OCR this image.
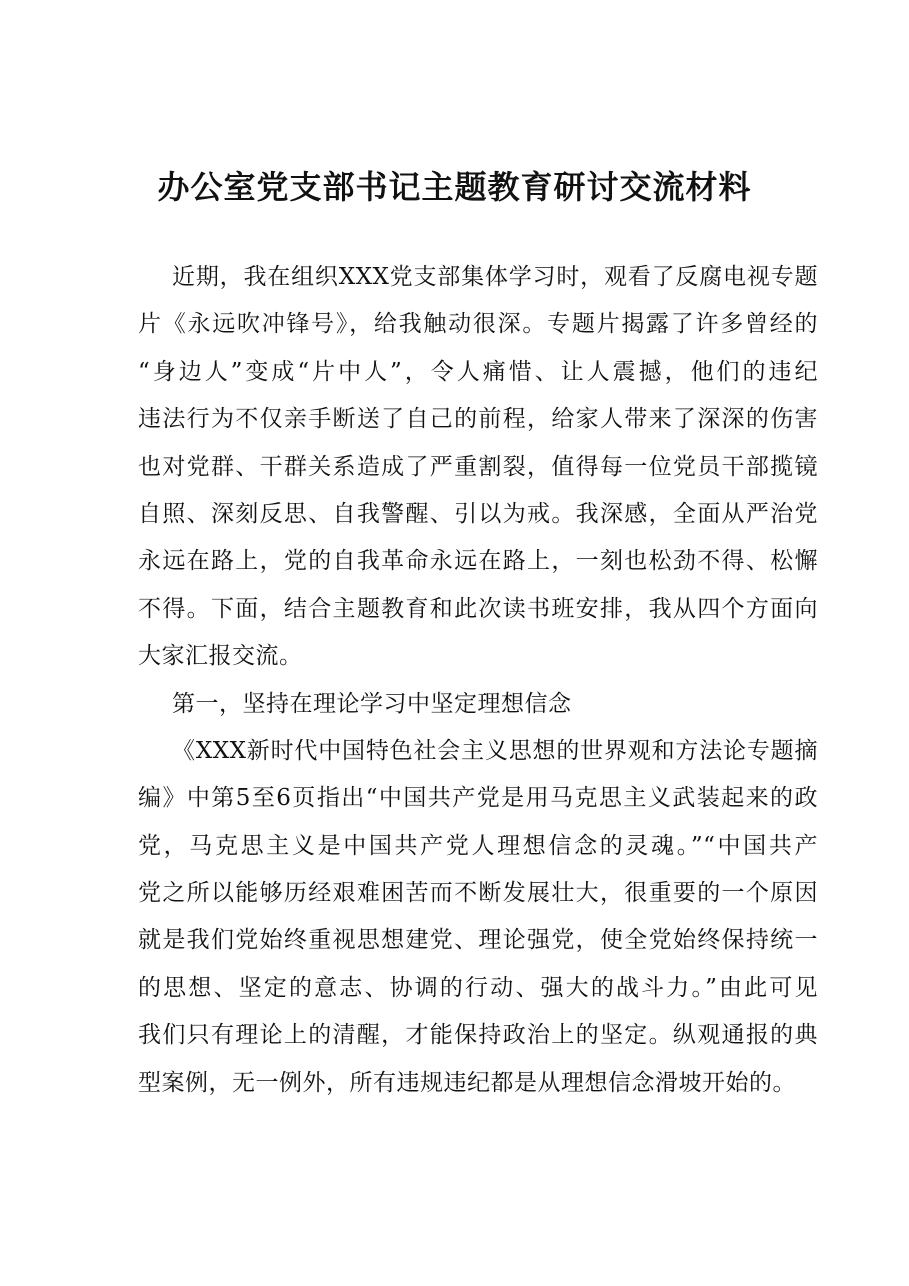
办公室党支部书记主题教育研讨交流材料
近期，我在组织XXX党支部集体学习时，观看了反腐电视专题
片《永远吹冲锋号》，给我触动很深。专题片揭露了许多曾经的
“身边人”变成“片中人”，令人痛惜、让人震撼，他们的违纪
违法行为不仅亲手断送了自己的前程，给家人带来了深深的伤害
也对党群、干群关系造成了严重割裂，值得每一位党员干部揽镜
自照、深刻反思、自我警醒、引以为戒。我深感，全面从严治党
永远在路上，党的自我革命永远在路上，一刻也松劲不得、松懈
不得。下面，结合主题教育和此次读书班安排，我从四个方面向
大家汇报交流。
第一，坚持在理论学习中坚定理想信念
《XXX新时代中国特色社会主义思想的世界观和方法论专题摘
编》中第5至6页指出“中国共产党是用马克思主义武装起来的政
党，马克思主义是中国共产党人理想信念的灵魂。”“中国共产
党之所以能够历经艰难困苦而不断发展壮大，很重要的一个原因
就是我们党始终重视思想建党、理论强党，使全党始终保持统一
的思想、坚定的意志、协调的行动、强大的战斗力。”由此可见
我们只有理论上的清醒，才能保持政治上的坚定。纵观通报的典
型案例，无一例外，所有违规违纪都是从理想信念滑坡开始的。
